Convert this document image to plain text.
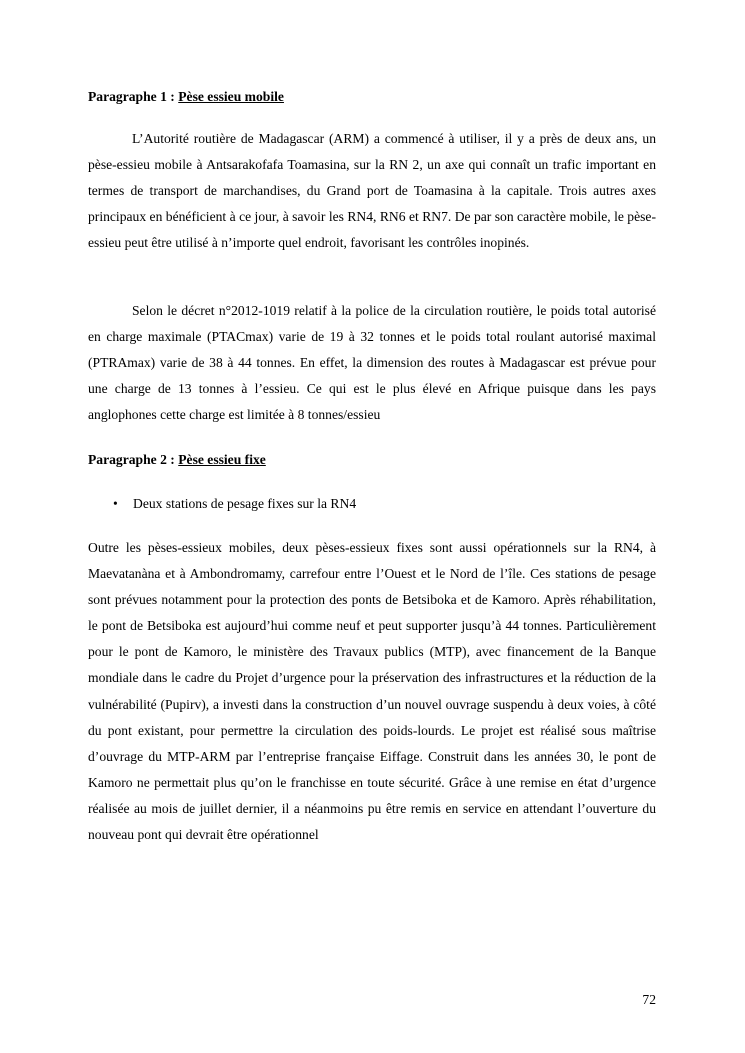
Paragraphe 1 : Pèse essieu mobile

L’Autorité routière de Madagascar (ARM) a commencé à utiliser, il y a près de deux ans, un pèse-essieu mobile à Antsarakofafa Toamasina, sur la RN 2, un axe qui connaît un trafic important en termes de transport de marchandises, du Grand port de Toamasina à la capitale. Trois autres axes principaux en bénéficient à ce jour, à savoir les RN4, RN6 et RN7. De par son caractère mobile, le pèse-essieu peut être utilisé à n’importe quel endroit, favorisant les contrôles inopinés.

Selon le décret n°2012-1019 relatif à la police de la circulation routière, le poids total autorisé en charge maximale (PTACmax) varie de 19 à 32 tonnes et le poids total roulant autorisé maximal (PTRAmax) varie de 38 à 44 tonnes. En effet, la dimension des routes à Madagascar est prévue pour une charge de 13 tonnes à l’essieu. Ce qui est le plus élevé en Afrique puisque dans les pays anglophones cette charge est limitée à 8 tonnes/essieu

Paragraphe 2 : Pèse essieu fixe
• Deux stations de pesage fixes sur la RN4

Outre les pèses-essieux mobiles, deux pèses-essieux fixes sont aussi opérationnels sur la RN4, à Maevatanàna et à Ambondromamy, carrefour entre l’Ouest et le Nord de l’île. Ces stations de pesage sont prévues notamment pour la protection des ponts de Betsiboka et de Kamoro. Après réhabilitation, le pont de Betsiboka est aujourd’hui comme neuf et peut supporter jusqu’à 44 tonnes. Particulièrement pour le pont de Kamoro, le ministère des Travaux publics (MTP), avec financement de la Banque mondiale dans le cadre du Projet d’urgence pour la préservation des infrastructures et la réduction de la vulnérabilité (Pupirv), a investi dans la construction d’un nouvel ouvrage suspendu à deux voies, à côté du pont existant, pour permettre la circulation des poids-lourds. Le projet est réalisé sous maîtrise d’ouvrage du MTP-ARM par l’entreprise française Eiffage. Construit dans les années 30, le pont de Kamoro ne permettait plus qu’on le franchisse en toute sécurité. Grâce à une remise en état d’urgence réalisée au mois de juillet dernier, il a néanmoins pu être remis en service en attendant l’ouverture du nouveau pont qui devrait être opérationnel

72
